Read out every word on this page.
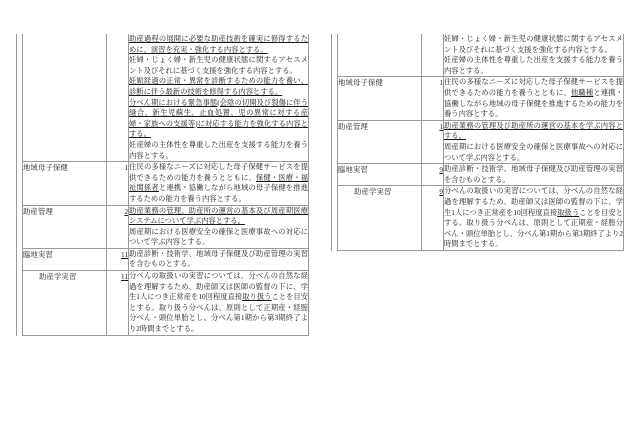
		助産過程の展開に必要な助産技術を確実に修得するために、演習を充実・強化する内容とする。
妊婦・じょく婦・新生児の健康状態に関するアセスメント及びそれに基づく支援を強化する内容とする。
妊娠経過の正常・異常を診断するための能力を養い、診断に伴う最新の技術を修得する内容とする。
分べん期における緊急事態(会陰の切開及び裂傷に伴う縫合、新生児蘇生、止血処置、児の異常に対する産婦・家族への支援等)に対応する能力を強化する内容とする。
妊産婦の主体性を尊重した出産を支援する能力を養う内容とする。

地域母子保健	1	住民の多様なニーズに対応した母子保健サービスを提供できるための能力を養うとともに、保健・医療・福祉関係者と連携・協働しながら地域の母子保健を推進するための能力を養う内容とする。

助産管理	2	助産業務の管理、助産所の運営の基本及び周産期医療システムについて学ぶ内容とする。
周産期における医療安全の確保と医療事故への対応について学ぶ内容とする。

臨地実習	11	助産診断・技術学、地域母子保健及び助産管理の実習を含むものとする。

助産学実習	11	分べんの取扱いの実習については、分べんの自然な経過を理解するため、助産師又は医師の監督の下に、学生1人につき正常産を10回程度直接取り扱うことを目安とする。取り扱う分べんは、原則として正期産・経膣分べん・頭位単胎とし、分べん第1期から第3期終了より2時間までとする。

		妊婦・じょく婦・新生児の健康状態に関するアセスメント及びそれに基づく支援を強化する内容とする。
妊産婦の主体性を尊重した出産を支援する能力を養う内容とする。

地域母子保健	1	住民の多様なニーズに対応した母子保健サービスを提供できるための能力を養うとともに、他職種と連携・協働しながら地域の母子保健を推進するための能力を養う内容とする。

助産管理	1	助産業務の管理及び助産所の運営の基本を学ぶ内容とする。
周産期における医療安全の確保と医療事故への対応について学ぶ内容とする。

臨地実習	9	助産診断・技術学、地域母子保健及び助産管理の実習を含むものとする。

助産学実習	9	分べんの取扱いの実習については、分べんの自然な経過を理解するため、助産師又は医師の監督の下に、学生1人につき正常産を10回程度直接取扱うことを目安とする。取り扱う分べんは、原則として正期産・経膣分べん・頭位単胎とし、分べん第1期から第3期終了より2時間までとする。
